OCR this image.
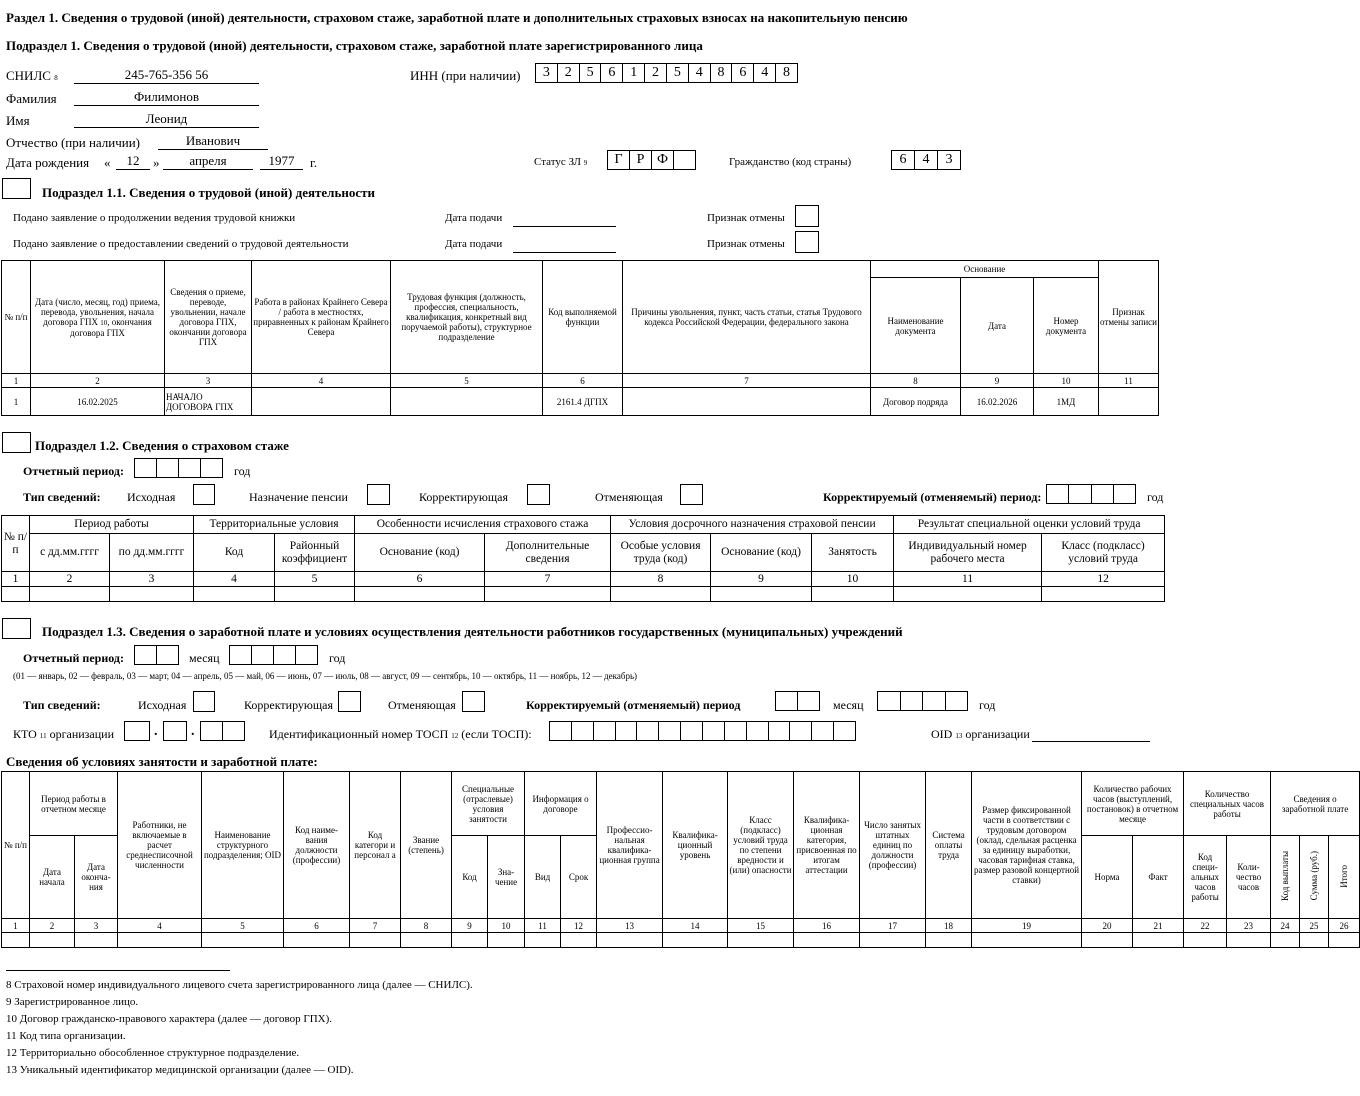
Раздел 1. Сведения о трудовой (иной) деятельности, страховом стаже, заработной плате и дополнительных страховых взносах на накопительную пенсию
Подраздел 1. Сведения о трудовой (иной) деятельности, страховом стаже, заработной плате зарегистрированного лица
СНИЛС 8	245-765-356 56	ИНН (при наличии)	3	2	5	6	1	2	5	4	8	6	4	8
Фамилия	Филимонов
Имя	Леонид
Отчество (при наличии)	Иванович
Дата рождения «	12	»	апреля	1977	г.	Статус ЗЛ 9	Г	Р Ф	Гражданство (код страны)	6	4	3
Подраздел 1.1. Сведения о трудовой (иной) деятельности
Подано заявление о продолжении ведения трудовой книжки	Дата подачи	Признак отмены
Подано заявление о предоставлении сведений о трудовой деятельности	Дата подачи	Признак отмены
№ п/п	Дата (число, месяц, год) приема, перевода, увольнения, начала договора ГПХ 10, окончания договора ГПХ	Сведения о приеме, переводе, увольнении, начале договора ГПХ, окончании договора ГПХ	Работа в районах Крайнего Севера / работа в местностях, приравненных к районам Крайнего Севера	Трудовая функция (должность, профессия, специальность, квалификация, конкретный вид поручаемой работы), структурное подразделение	Код выполняемой функции	Причины увольнения, пункт, часть статьи, статья Трудового кодекса Российской Федерации, федерального закона	Основание			Признак отмены записи
							Наименование документа	Дата	Номер документа	
1	2	3	4	5	6	7	8	9	10	11
1	16.02.2025	НАЧАЛО ДОГОВОРА ГПХ			2161.4 ДГПХ		Договор подряда	16.02.2026	1МД	
Подраздел 1.2. Сведения о страховом стаже
Отчетный период:	год
Тип сведений: Исходная	Назначение пенсии	Корректирующая	Отменяющая	Корректируемый (отменяемый) период:	год
№ п/п	Период работы		Территориальные условия		Особенности исчисления страхового стажа		Условия досрочного назначения страховой пенсии			Результат специальной оценки условий труда	
	с дд.мм.гггг	по дд.мм.гггг	Код	Районный коэффициент	Основание (код)	Дополнительные сведения	Особые условия труда (код)	Основание (код)	Занятость	Индивидуальный номер рабочего места	Класс (подкласс) условий труда
1	2	3	4	5	6	7	8	9	10	11	12

Подраздел 1.3. Сведения о заработной плате и условиях осуществления деятельности работников государственных (муниципальных) учреждений
Отчетный период:	месяц	год
(01 — январь, 02 — февраль, 03 — март, 04 — апрель, 05 — май, 06 — июнь, 07 — июль, 08 — август, 09 — сентябрь, 10 — октябрь, 11 — ноябрь, 12 — декабрь)
Тип сведений:	Исходная	Корректирующая	Отменяющая	Корректируемый (отменяемый) период	месяц	год
КТО 11 организации	. .	Идентификационный номер ТОСП 12 (если ТОСП):	OID 13 организации
Сведения об условиях занятости и заработной плате:
№ п/п	Период работы в отчетном месяце		Работники, не включаемые в расчет среднесписочной численности	Наименование структурного подразделения; OID	Код наиме-вания должности (профессии)	Код категори и персонал а	Звание (степень)	Специальные (отраслевые) условия занятости		Информация о договоре		Профессио-нальная квалифика-ционная группа	Квалифика-ционный уровень	Класс (подкласс) условий труда по степени вредности и (или) опасности	Квалифика-ционная категория, присвоенная по итогам аттестации	Число занятых штатных единиц по должности (профессии)	Система оплаты труда	Размер фиксированной части в соответствии с трудовым договором (оклад, сдельная расценка за единицу выработки, часовая тарифная ставка, размер разовой концертной ставки)	Количество рабочих часов (выступлений, постановок) в отчетном месяце		Количество специальных часов работы		Сведения о заработной плате		
	Дата начала	Дата оконча-ния						Код	Зна-чение	Вид	Срок								Норма	Факт	Код специ-альных часов работы	Коли-чество часов	Код выплаты	Сумма (руб.)	Итого
1	2	3	4	5	6	7	8	9	10	11	12	13	14	15	16	17	18	19	20	21	22	23	24	25	26

8 Страховой номер индивидуального лицевого счета зарегистрированного лица (далее — СНИЛС).
9 Зарегистрированное лицо.
10 Договор гражданско-правового характера (далее — договор ГПХ).
11 Код типа организации.
12 Территориально обособленное структурное подразделение.
13 Уникальный идентификатор медицинской организации (далее — OID).
